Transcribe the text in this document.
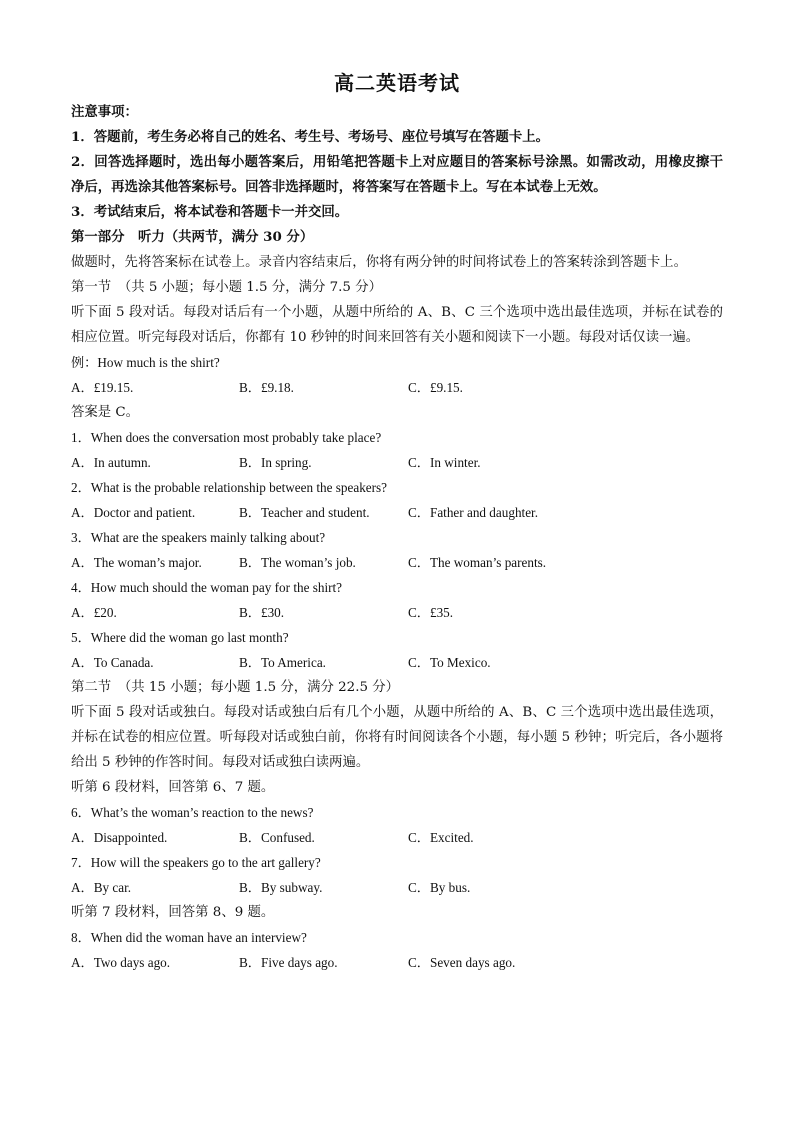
高二英语考试
注意事项：
1．答题前，考生务必将自己的姓名、考生号、考场号、座位号填写在答题卡上。
2．回答选择题时，选出每小题答案后，用铅笔把答题卡上对应题目的答案标号涂黑。如需改动，用橡皮擦干净后，再选涂其他答案标号。回答非选择题时，将答案写在答题卡上。写在本试卷上无效。
3．考试结束后，将本试卷和答题卡一并交回。
第一部分　听力（共两节，满分 30 分）
做题时，先将答案标在试卷上。录音内容结束后，你将有两分钟的时间将试卷上的答案转涂到答题卡上。
第一节　（共 5 小题；每小题 1.5 分，满分 7.5 分）
听下面 5 段对话。每段对话后有一个小题，从题中所给的 A、B、C 三个选项中选出最佳选项，并标在试卷的相应位置。听完每段对话后，你都有 10 秒钟的时间来回答有关小题和阅读下一小题。每段对话仅读一遍。
例：How much is the shirt?
A．£19.15.	B．£9.18.	C．£9.15.
答案是 C。
1．When does the conversation most probably take place?
A．In autumn.	B．In spring.	C．In winter.
2．What is the probable relationship between the speakers?
A．Doctor and patient.	B．Teacher and student.	C．Father and daughter.
3．What are the speakers mainly talking about?
A．The woman’s major.	B．The woman’s job.	C．The woman’s parents.
4．How much should the woman pay for the shirt?
A．£20.	B．£30.	C．£35.
5．Where did the woman go last month?
A．To Canada.	B．To America.	C．To Mexico.
第二节　（共 15 小题；每小题 1.5 分，满分 22.5 分）
听下面 5 段对话或独白。每段对话或独白后有几个小题，从题中所给的 A、B、C 三个选项中选出最佳选项，并标在试卷的相应位置。听每段对话或独白前，你将有时间阅读各个小题，每小题 5 秒钟；听完后，各小题将给出 5 秒钟的作答时间。每段对话或独白读两遍。
听第 6 段材料，回答第 6、7 题。
6．What’s the woman’s reaction to the news?
A．Disappointed.	B．Confused.	C．Excited.
7．How will the speakers go to the art gallery?
A．By car.	B．By subway.	C．By bus.
听第 7 段材料，回答第 8、9 题。
8．When did the woman have an interview?
A．Two days ago.	B．Five days ago.	C．Seven days ago.
